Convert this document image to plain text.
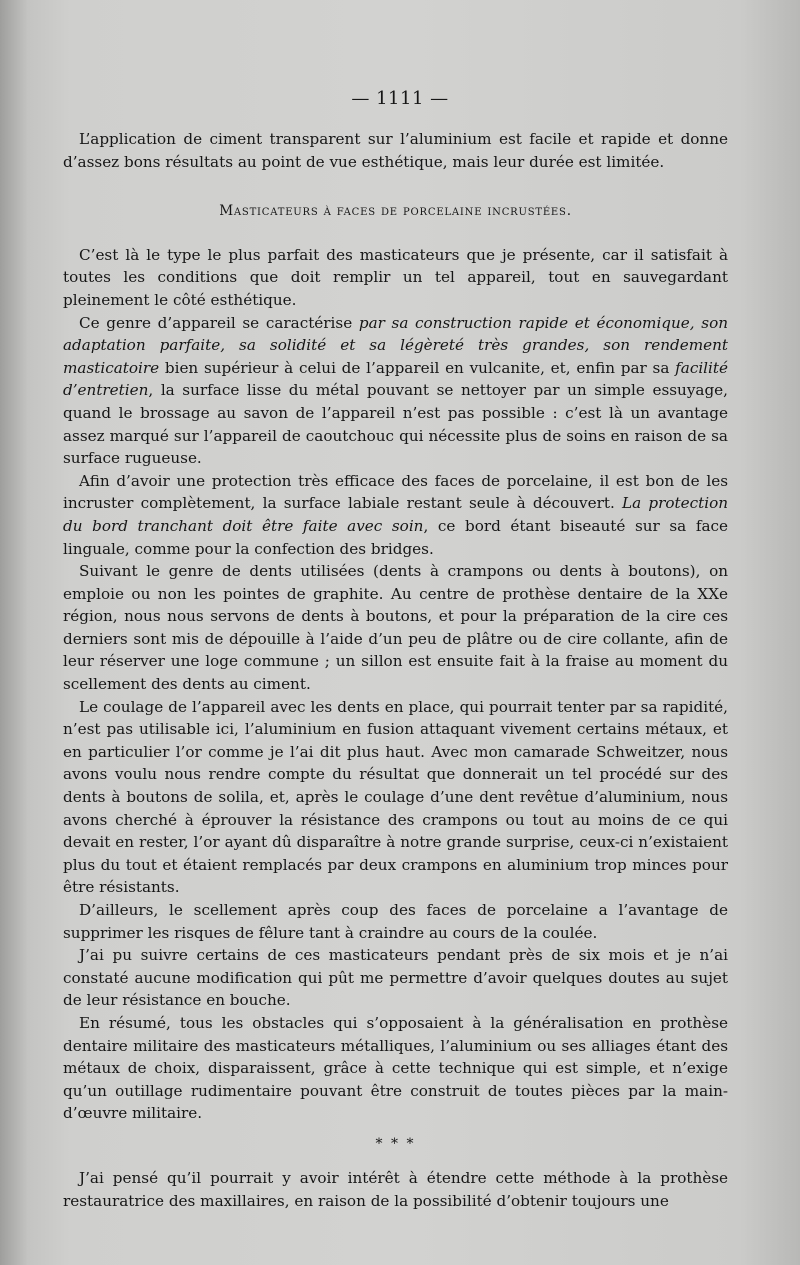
— 1111 —

L’application de ciment transparent sur l’aluminium est facile et rapide et donne d’assez bons résultats au point de vue esthétique, mais leur durée est limitée.

Masticateurs à faces de porcelaine incrustées.

C’est là le type le plus parfait des masticateurs que je présente, car il satisfait à toutes les conditions que doit remplir un tel appareil, tout en sauvegardant pleinement le côté esthétique.

Ce genre d’appareil se caractérise par sa construction rapide et économique, son adaptation parfaite, sa solidité et sa légèreté très grandes, son rendement masticatoire bien supérieur à celui de l’appareil en vulcanite, et, enfin par sa facilité d’entretien, la surface lisse du métal pouvant se nettoyer par un simple essuyage, quand le brossage au savon de l’appareil n’est pas possible : c’est là un avantage assez marqué sur l’appareil de caoutchouc qui nécessite plus de soins en raison de sa surface rugueuse.

Afin d’avoir une protection très efficace des faces de porcelaine, il est bon de les incruster complètement, la surface labiale restant seule à découvert. La protection du bord tranchant doit être faite avec soin, ce bord étant biseauté sur sa face linguale, comme pour la confection des bridges.

Suivant le genre de dents utilisées (dents à crampons ou dents à boutons), on emploie ou non les pointes de graphite. Au centre de prothèse dentaire de la XXe région, nous nous servons de dents à boutons, et pour la préparation de la cire ces derniers sont mis de dépouille à l’aide d’un peu de plâtre ou de cire collante, afin de leur réserver une loge commune ; un sillon est ensuite fait à la fraise au moment du scellement des dents au ciment.

Le coulage de l’appareil avec les dents en place, qui pourrait tenter par sa rapidité, n’est pas utilisable ici, l’aluminium en fusion attaquant vivement certains métaux, et en particulier l’or comme je l’ai dit plus haut. Avec mon camarade Schweitzer, nous avons voulu nous rendre compte du résultat que donnerait un tel procédé sur des dents à boutons de solila, et, après le coulage d’une dent revêtue d’aluminium, nous avons cherché à éprouver la résistance des crampons ou tout au moins de ce qui devait en rester, l’or ayant dû disparaître à notre grande surprise, ceux-ci n’existaient plus du tout et étaient remplacés par deux crampons en aluminium trop minces pour être résistants.

D’ailleurs, le scellement après coup des faces de porcelaine a l’avantage de supprimer les risques de fêlure tant à craindre au cours de la coulée.

J’ai pu suivre certains de ces masticateurs pendant près de six mois et je n’ai constaté aucune modification qui pût me permettre d’avoir quelques doutes au sujet de leur résistance en bouche.

En résumé, tous les obstacles qui s’opposaient à la généralisation en prothèse dentaire militaire des masticateurs métalliques, l’aluminium ou ses alliages étant des métaux de choix, disparaissent, grâce à cette technique qui est simple, et n’exige qu’un outillage rudimentaire pouvant être construit de toutes pièces par la main-d’œuvre militaire.

* * *

J’ai pensé qu’il pourrait y avoir intérêt à étendre cette méthode à la prothèse restauratrice des maxillaires, en raison de la possibilité d’obtenir toujours une
